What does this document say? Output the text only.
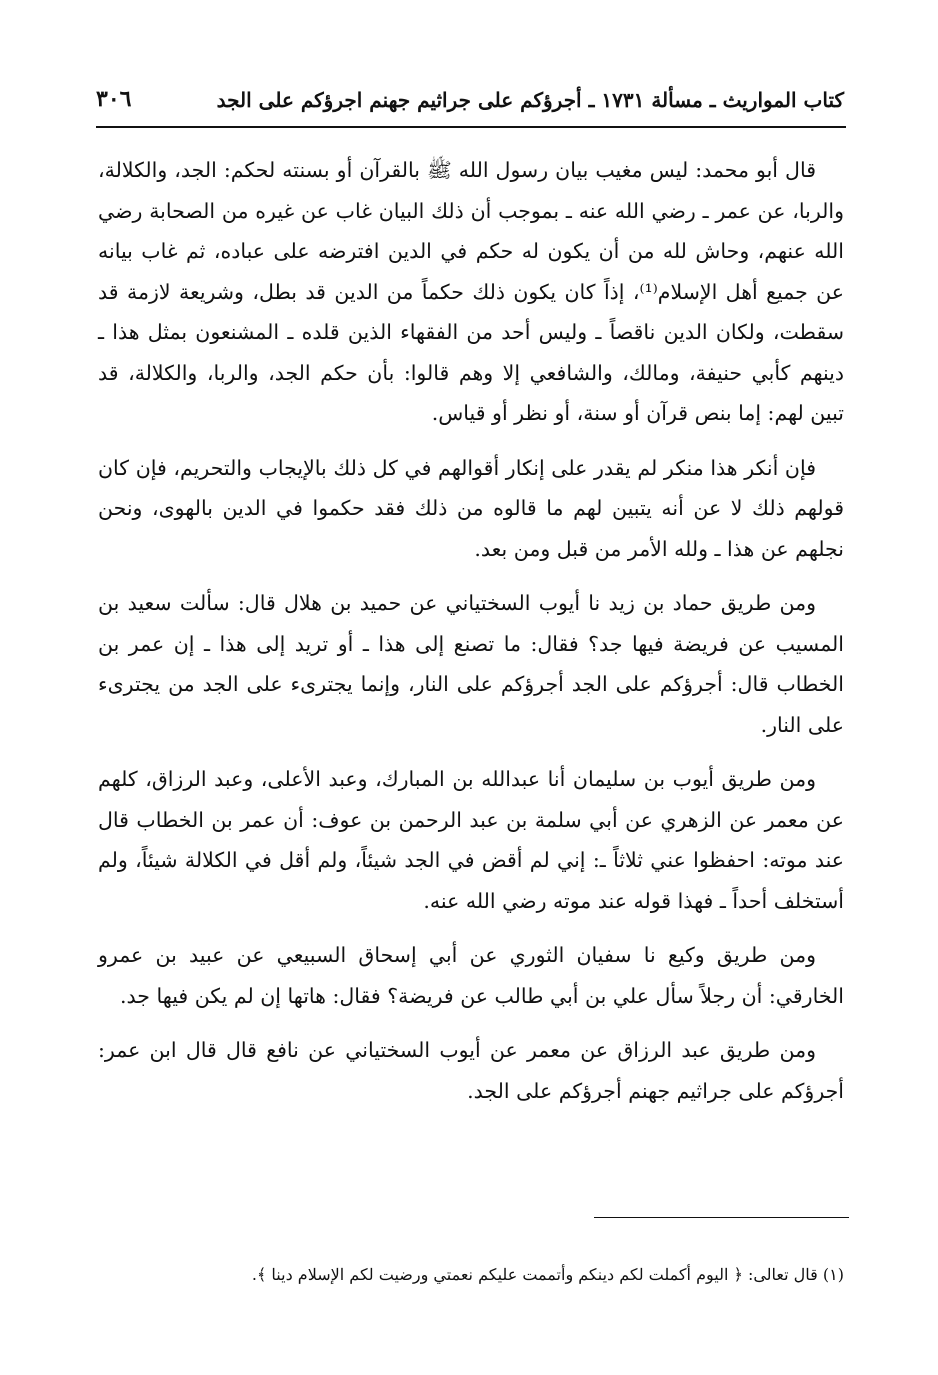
كتاب المواريث ـ مسألة ١٧٣١ ـ أجرؤكم على جراثيم جهنم اجرؤكم على الجد
٣٠٦

قال أبو محمد: ليس مغيب بيان رسول الله ﷺ بالقرآن أو بسنته لحكم: الجد، والكلالة، والربا، عن عمر ـ رضي الله عنه ـ بموجب أن ذلك البيان غاب عن غيره من الصحابة رضي الله عنهم، وحاش لله من أن يكون له حكم في الدين افترضه على عباده، ثم غاب بيانه عن جميع أهل الإسلام⁽¹⁾، إذاً كان يكون ذلك حكماً من الدين قد بطل، وشريعة لازمة قد سقطت، ولكان الدين ناقصاً ـ وليس أحد من الفقهاء الذين قلده ـ المشنعون بمثل هذا ـ دينهم كأبي حنيفة، ومالك، والشافعي إلا وهم قالوا: بأن حكم الجد، والربا، والكلالة، قد تبين لهم: إما بنص قرآن أو سنة، أو نظر أو قياس.

فإن أنكر هذا منكر لم يقدر على إنكار أقوالهم في كل ذلك بالإيجاب والتحريم، فإن كان قولهم ذلك لا عن أنه يتبين لهم ما قالوه من ذلك فقد حكموا في الدين بالهوى، ونحن نجلهم عن هذا ـ ولله الأمر من قبل ومن بعد.

ومن طريق حماد بن زيد نا أيوب السختياني عن حميد بن هلال قال: سألت سعيد بن المسيب عن فريضة فيها جد؟ فقال: ما تصنع إلى هذا ـ أو تريد إلى هذا ـ إن عمر بن الخطاب قال: أجرؤكم على الجد أجرؤكم على النار، وإنما يجترىء على الجد من يجترىء على النار.

ومن طريق أيوب بن سليمان أنا عبدالله بن المبارك، وعبد الأعلى، وعبد الرزاق، كلهم عن معمر عن الزهري عن أبي سلمة بن عبد الرحمن بن عوف: أن عمر بن الخطاب قال عند موته: احفظوا عني ثلاثاً ـ: إني لم أقض في الجد شيئاً، ولم أقل في الكلالة شيئاً، ولم أستخلف أحداً ـ فهذا قوله عند موته رضي الله عنه.

ومن طريق وكيع نا سفيان الثوري عن أبي إسحاق السبيعي عن عبيد بن عمرو الخارقي: أن رجلاً سأل علي بن أبي طالب عن فريضة؟ فقال: هاتها إن لم يكن فيها جد.

ومن طريق عبد الرزاق عن معمر عن أيوب السختياني عن نافع قال قال ابن عمر: أجرؤكم على جراثيم جهنم أجرؤكم على الجد.

(١) قال تعالى: ﴿ اليوم أكملت لكم دينكم وأتممت عليكم نعمتي ورضيت لكم الإسلام دينا ﴾.
